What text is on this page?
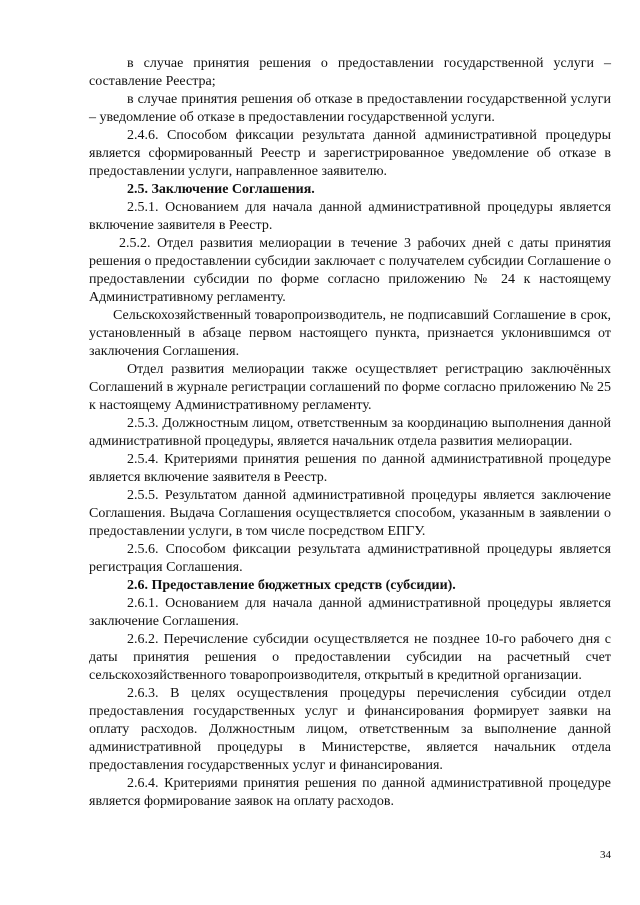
в случае принятия решения о предоставлении государственной услуги – составление Реестра;

в случае принятия решения об отказе в предоставлении государственной услуги – уведомление об отказе в предоставлении государственной услуги.

2.4.6. Способом фиксации результата данной административной процедуры является сформированный Реестр и зарегистрированное уведомление об отказе в предоставлении услуги, направленное заявителю.

2.5. Заключение Соглашения.

2.5.1. Основанием для начала данной административной процедуры является включение заявителя в Реестр.

2.5.2. Отдел развития мелиорации в течение 3 рабочих дней с даты принятия решения о предоставлении субсидии заключает с получателем субсидии Соглашение о предоставлении субсидии по форме согласно приложению № 24 к настоящему Административному регламенту.

Сельскохозяйственный товаропроизводитель, не подписавший Соглашение в срок, установленный в абзаце первом настоящего пункта, признается уклонившимся от заключения Соглашения.

Отдел развития мелиорации также осуществляет регистрацию заключённых Соглашений в журнале регистрации соглашений по форме согласно приложению № 25 к настоящему Административному регламенту.

2.5.3. Должностным лицом, ответственным за координацию выполнения данной административной процедуры, является начальник отдела развития мелиорации.

2.5.4. Критериями принятия решения по данной административной процедуре является включение заявителя в Реестр.

2.5.5. Результатом данной административной процедуры является заключение Соглашения. Выдача Соглашения осуществляется способом, указанным в заявлении о предоставлении услуги, в том числе посредством ЕПГУ.

2.5.6. Способом фиксации результата административной процедуры является регистрация Соглашения.

2.6. Предоставление бюджетных средств (субсидии).

2.6.1. Основанием для начала данной административной процедуры является заключение Соглашения.

2.6.2. Перечисление субсидии осуществляется не позднее 10-го рабочего дня с даты принятия решения о предоставлении субсидии на расчетный счет сельскохозяйственного товаропроизводителя, открытый в кредитной организации.

2.6.3. В целях осуществления процедуры перечисления субсидии отдел предоставления государственных услуг и финансирования формирует заявки на оплату расходов. Должностным лицом, ответственным за выполнение данной административной процедуры в Министерстве, является начальник отдела предоставления государственных услуг и финансирования.

2.6.4. Критериями принятия решения по данной административной процедуре является формирование заявок на оплату расходов.

34
